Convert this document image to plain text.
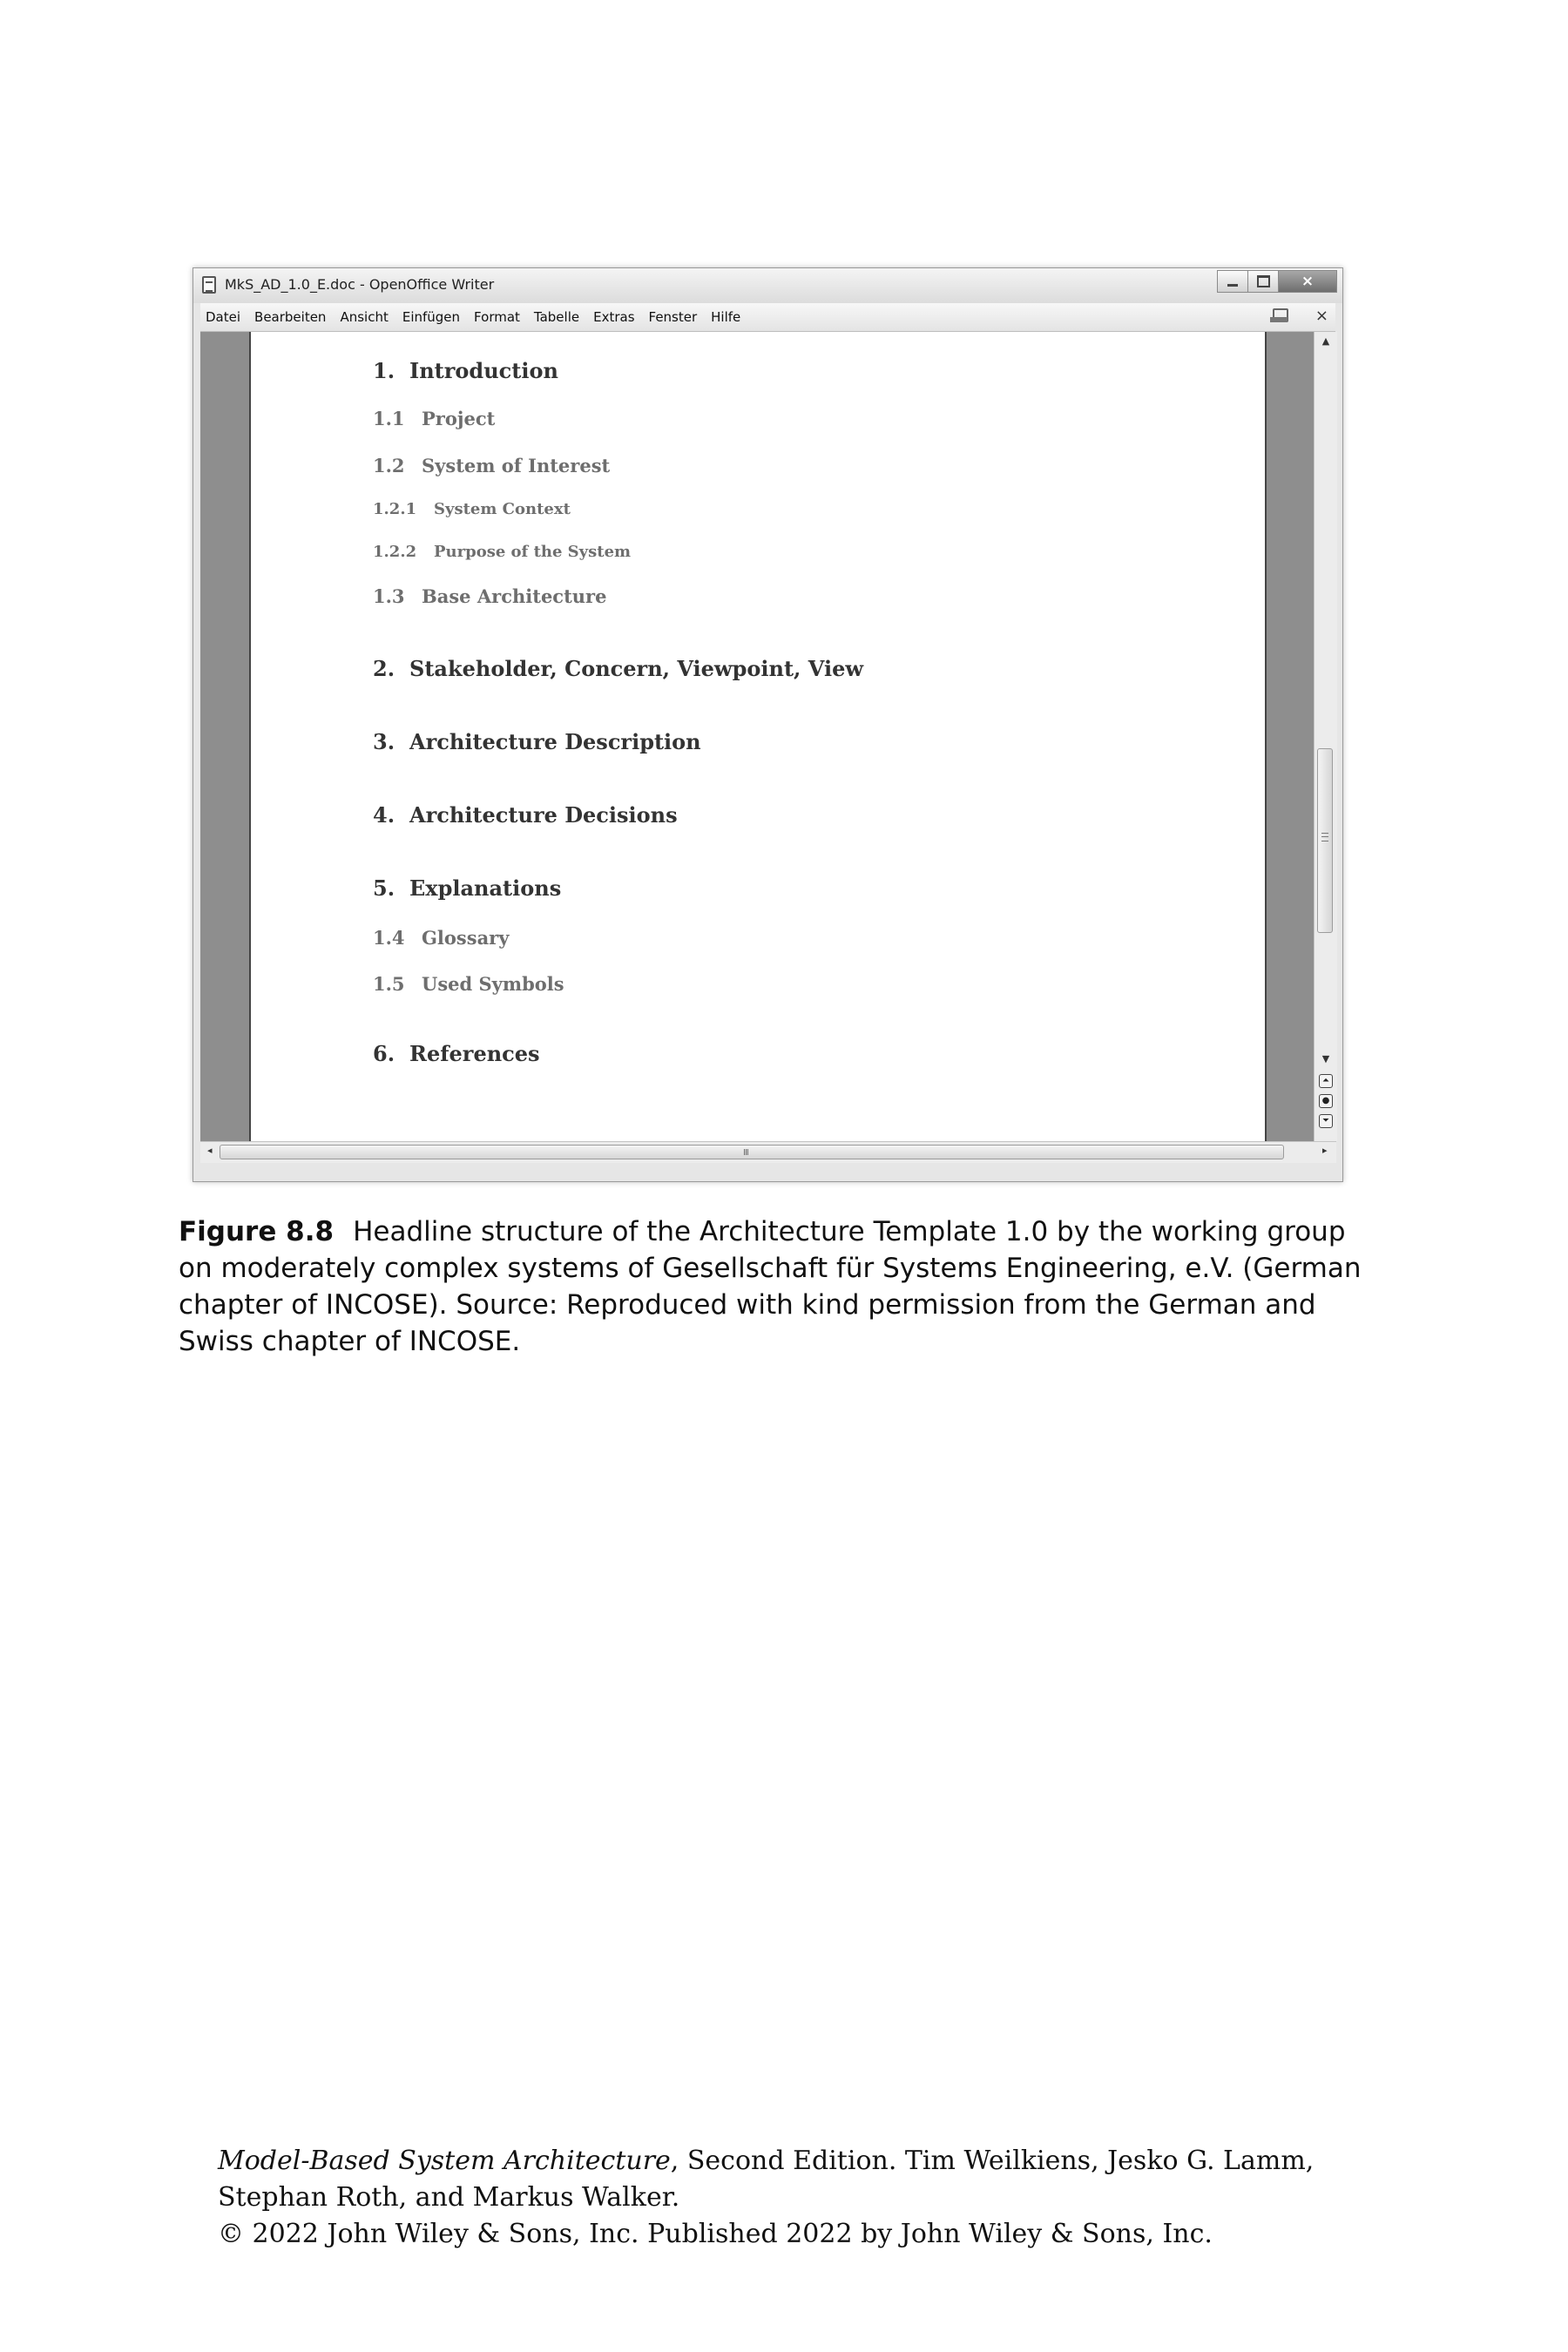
MkS_AD_1.0_E.doc - OpenOffice Writer	×
Datei Bearbeiten Ansicht Einfügen Format Tabelle Extras Fenster Hilfe	×
1. Introduction
1.1 Project
1.2 System of Interest
1.2.1	System Context
1.2.2	Purpose of the System
1.3 Base Architecture
2. Stakeholder, Concern, Viewpoint, View
3. Architecture Description
4. Architecture Decisions
5. Explanations
1.4 Glossary
1.5 Used Symbols
6. References
▲
▼
⏶
●
⏷
◂	III	▸
Figure 8.8 Headline structure of the Architecture Template 1.0 by the working group on moderately complex systems of Gesellschaft für Systems Engineering, e.V. (German chapter of INCOSE). Source: Reproduced with kind permission from the German and Swiss chapter of INCOSE.
Model-Based System Architecture, Second Edition. Tim Weilkiens, Jesko G. Lamm,
Stephan Roth, and Markus Walker.
© 2022 John Wiley & Sons, Inc. Published 2022 by John Wiley & Sons, Inc.
